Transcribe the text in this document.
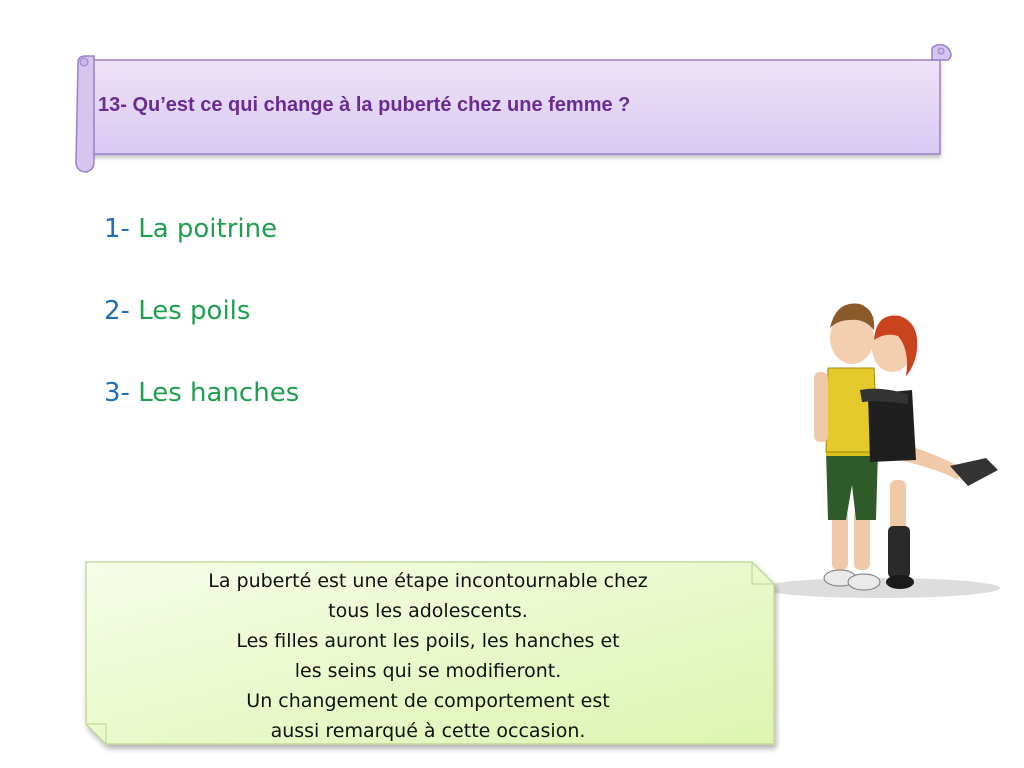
13- Qu’est ce qui change à la puberté chez une femme ?
1- La poitrine
2- Les poils
3- Les hanches
La puberté est une étape incontournable chez
tous les adolescents.
Les filles auront les poils, les hanches et
les seins qui se modifieront.
Un changement de comportement est
aussi remarqué à cette occasion.
